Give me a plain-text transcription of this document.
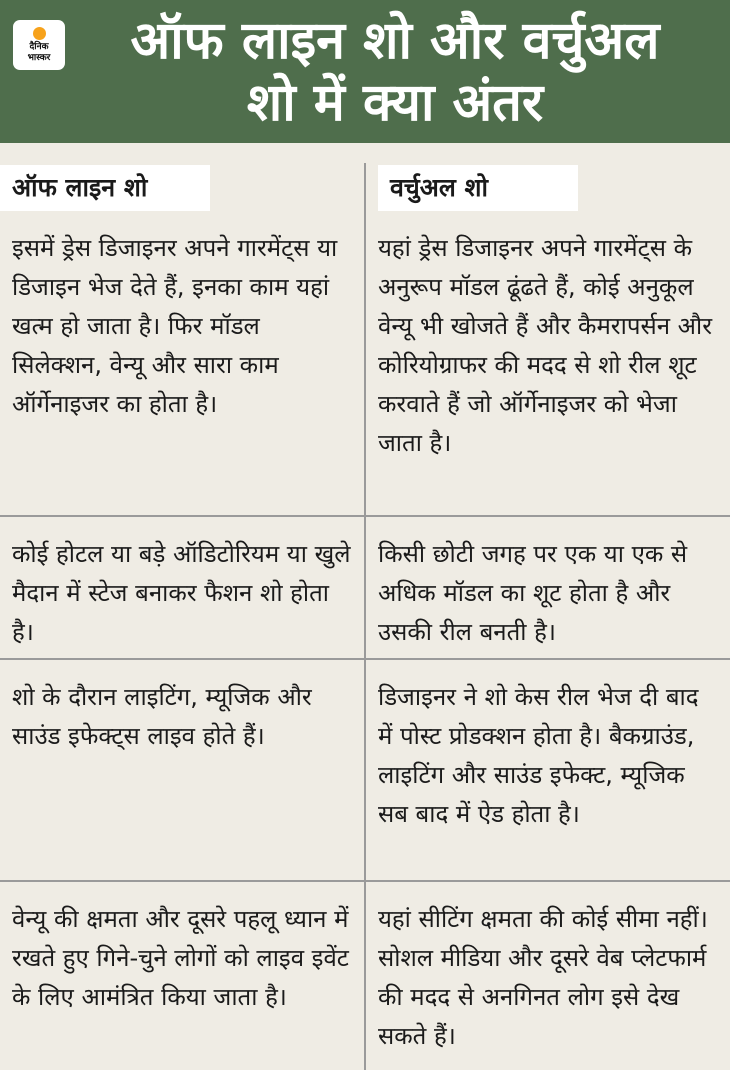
दैनिक
भास्कर	ऑफ लाइन शो और वर्चुअल
शो में क्या अंतर
ऑफ लाइन शो	वर्चुअल शो

इसमें ड्रेस डिजाइनर अपने गारमेंट्स या डिजाइन भेज देते हैं, इनका काम यहां खत्म हो जाता है। फिर मॉडल सिलेक्शन, वेन्यू और सारा काम ऑर्गेनाइजर का होता है।

यहां ड्रेस डिजाइनर अपने गारमेंट्स के अनुरूप मॉडल ढूंढते हैं, कोई अनुकूल वेन्यू भी खोजते हैं और कैमरापर्सन और कोरियोग्राफर की मदद से शो रील शूट करवाते हैं जो ऑर्गेनाइजर को भेजा जाता है।

कोई होटल या बड़े ऑडिटोरियम या खुले मैदान में स्टेज बनाकर फैशन शो होता है।

किसी छोटी जगह पर एक या एक से अधिक मॉडल का शूट होता है और उसकी रील बनती है।

शो के दौरान लाइटिंग, म्यूजिक और साउंड इफेक्ट्स लाइव होते हैं।

डिजाइनर ने शो केस रील भेज दी बाद में पोस्ट प्रोडक्शन होता है। बैकग्राउंड, लाइटिंग और साउंड इफेक्ट, म्यूजिक सब बाद में ऐड होता है।

वेन्यू की क्षमता और दूसरे पहलू ध्यान में रखते हुए गिने-चुने लोगों को लाइव इवेंट के लिए आमंत्रित किया जाता है।

यहां सीटिंग क्षमता की कोई सीमा नहीं। सोशल मीडिया और दूसरे वेब प्लेटफार्म की मदद से अनगिनत लोग इसे देख सकते हैं।
